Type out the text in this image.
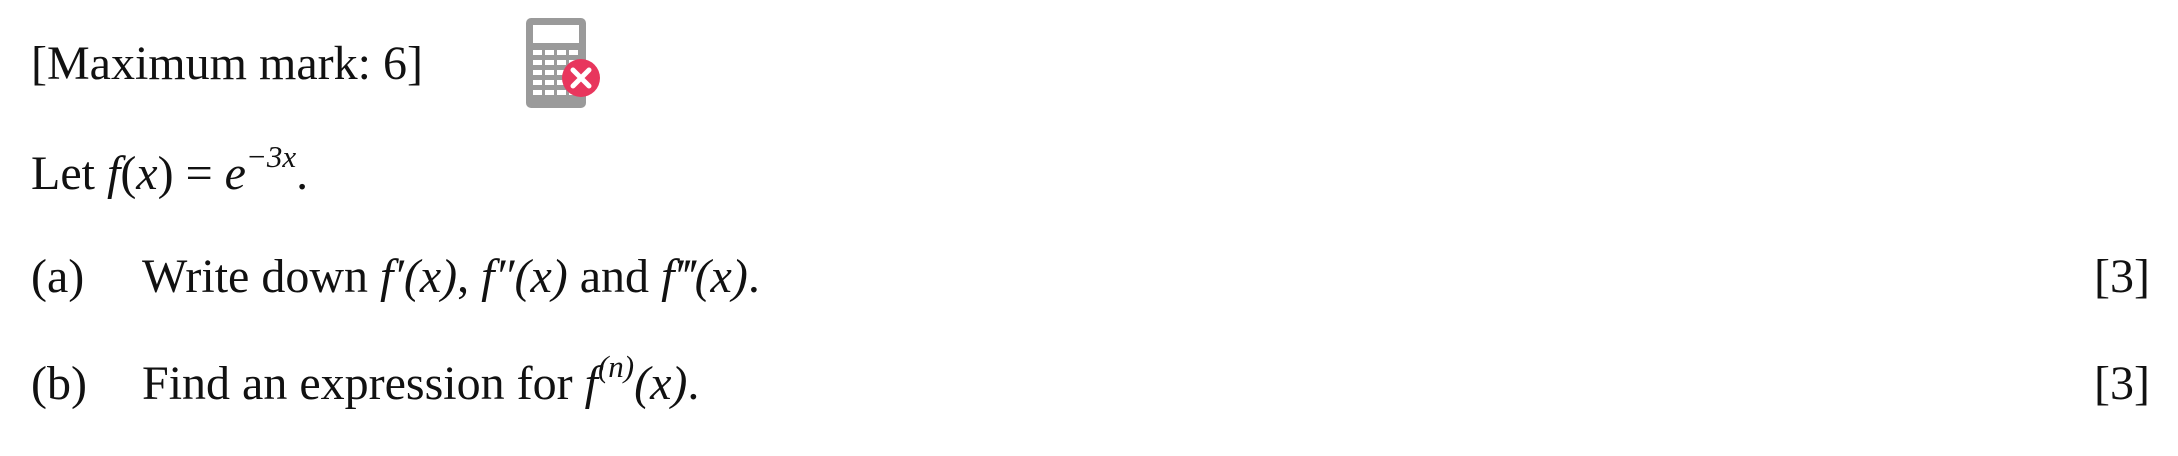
[Maximum mark: 6]
Let $f(x) = e^{-3x}$.
(a) Write down f′(x), f″(x) and f‴(x).	[3]
(b) Find an expression for $f^{(n)}(x)$.	[3]
